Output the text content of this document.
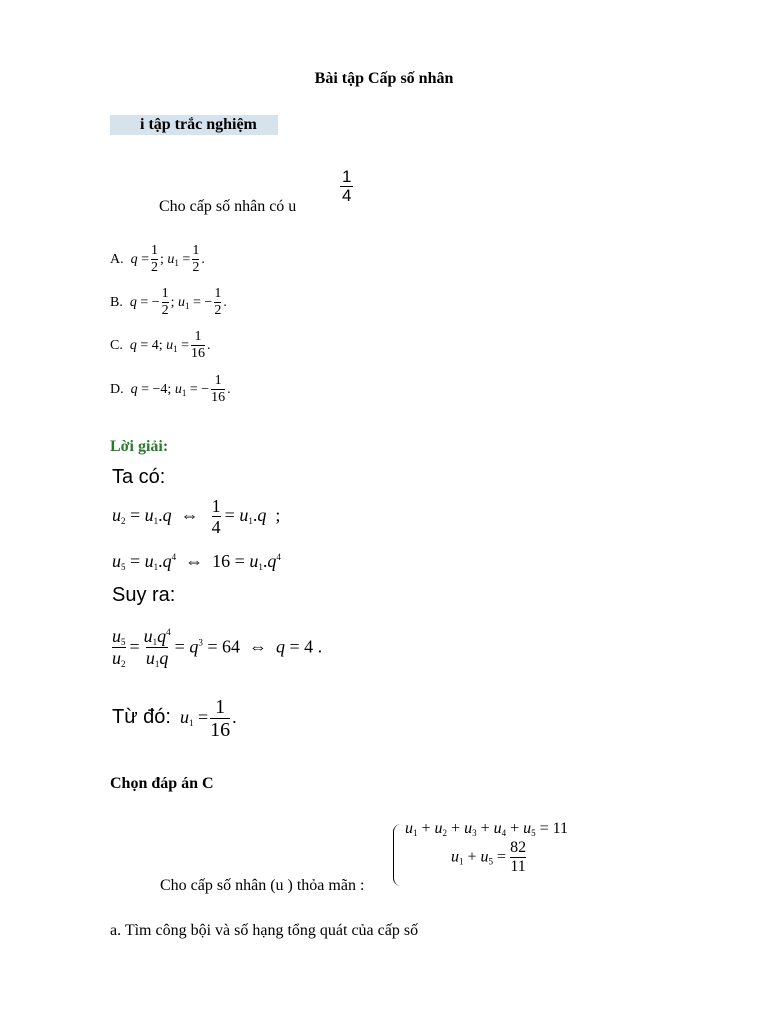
Bài tập Cấp số nhân
i tập trắc nghiệm
Cho cấp số nhân có u
$\frac{1}{4}$
A.  $q = \frac{1}{2}$ ; $u_1 = \frac{1}{2}$ .
B.  q = − $\frac{1}{2}$ ; $u_1$ = − $\frac{1}{2}$ .
C.  q = 4; $u_1 = \frac{1}{16}$ .
D.  q = −4; $u_1$ = − $\frac{1}{16}$ .
Lời giải:
Ta có:
$u_2 = u_1.q$  ⇔ $\frac{1}{4} = u_1.q$  ;
$u_5 = u_1.q^4$  ⇔  $16 = u_1.q^4$
Suy ra:
$\frac{u_5}{u_2} = \frac{u_1q^4}{u_1q} = q^3 = 64$  ⇔  q = 4 .
Từ đó:  $u_1 = \frac{1}{16}$ .
Chọn đáp án C
$u_1 + u_2 + u_3 + u_4 + u_5 = 11$
$u_1 + u_5 = \frac{82}{11}$
Cho cấp số nhân (u ) thỏa mãn :
a. Tìm công bội và số hạng tổng quát của cấp số
